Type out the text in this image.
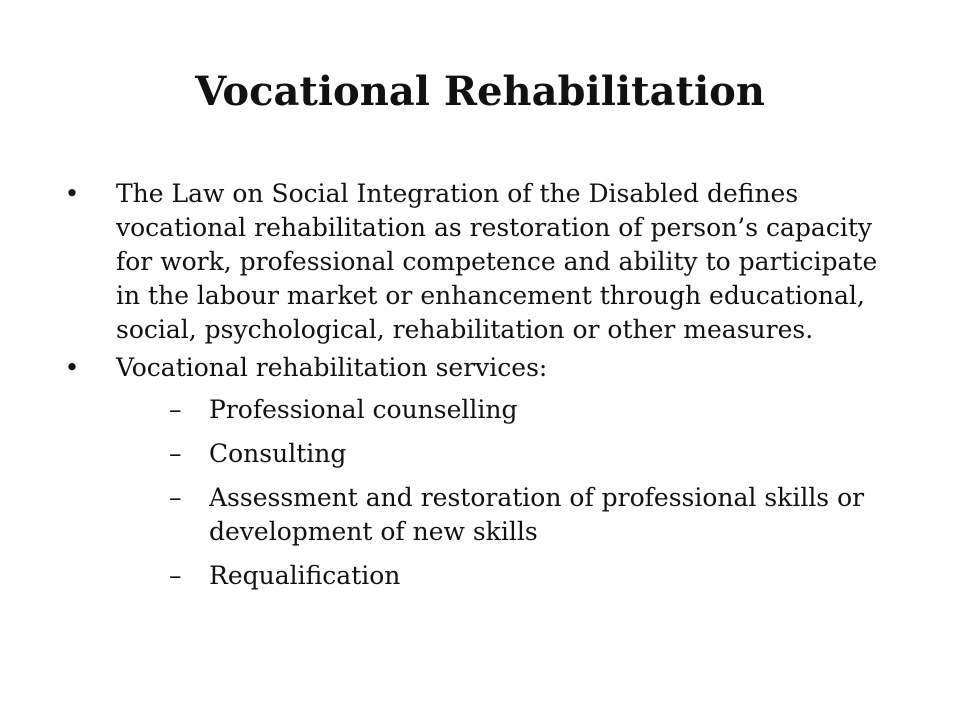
Vocational Rehabilitation
• The Law on Social Integration of the Disabled defines vocational rehabilitation as restoration of person’s capacity for work, professional competence and ability to participate in the labour market or enhancement through educational, social, psychological, rehabilitation or other measures.
• Vocational rehabilitation services:
–	Professional counselling
–	Consulting
–	Assessment and restoration of professional skills or development of new skills
–	Requalification
